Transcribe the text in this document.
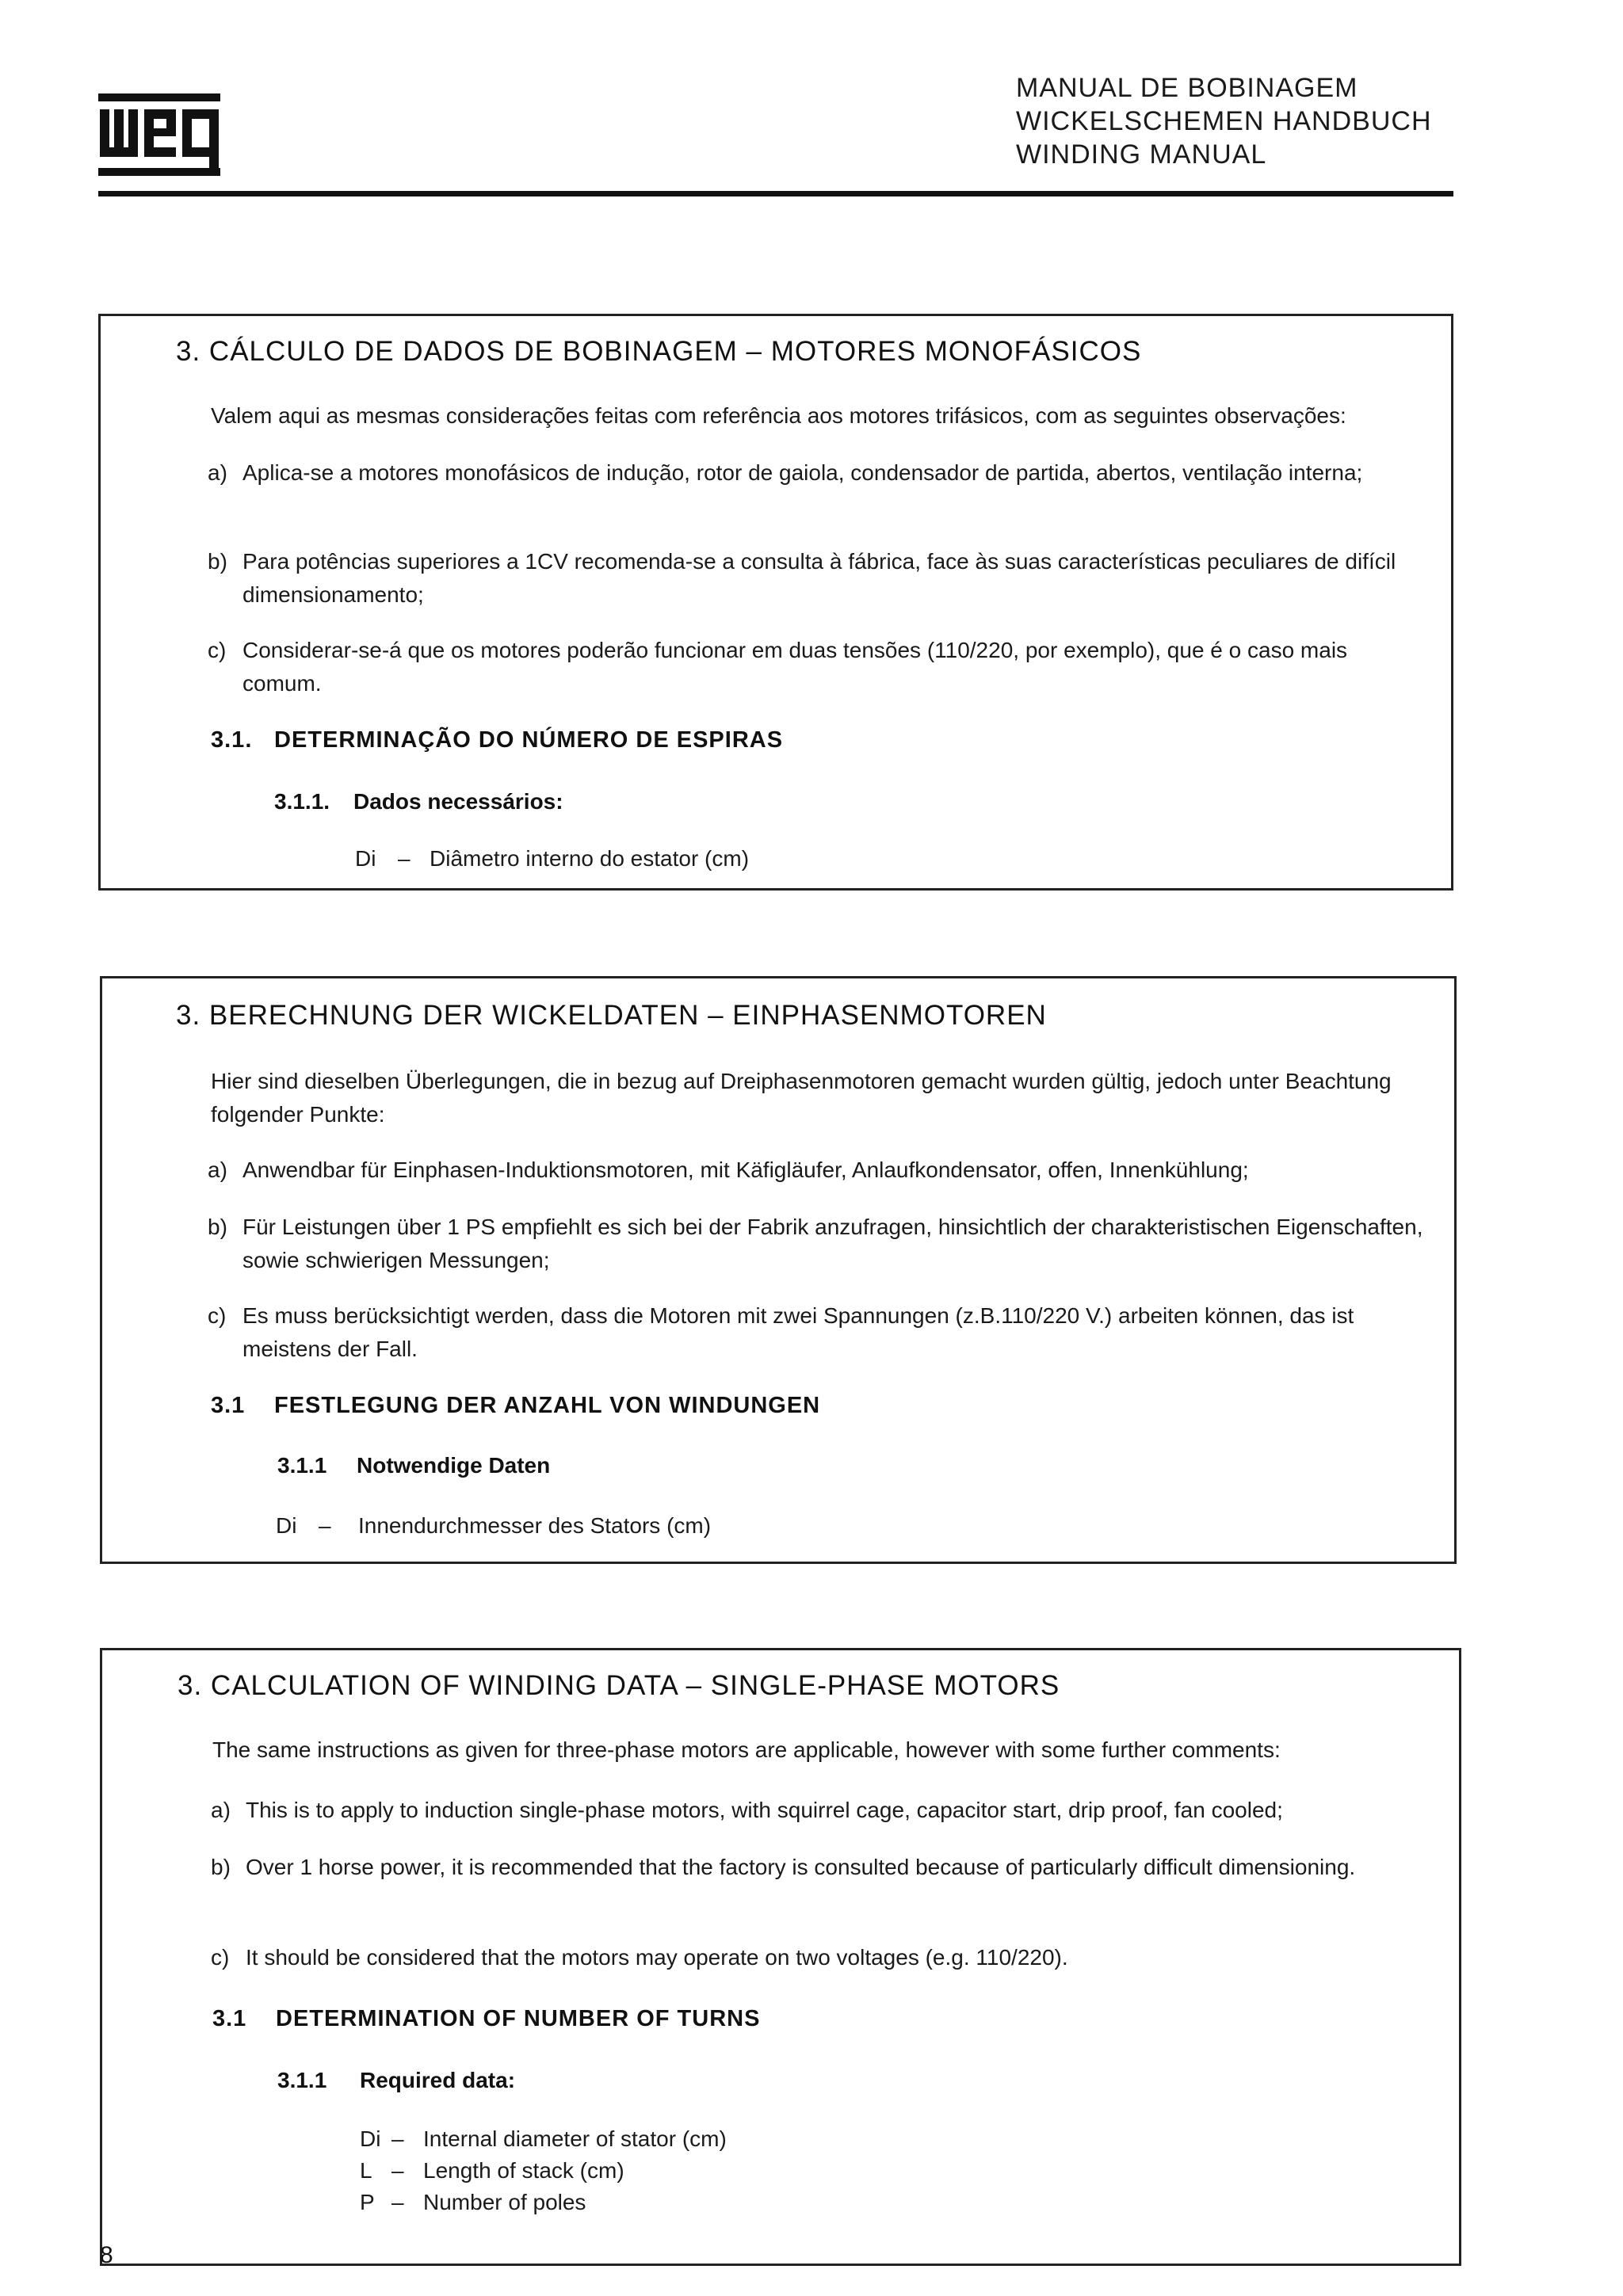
MANUAL DE BOBINAGEM
WICKELSCHEMEN HANDBUCH
WINDING MANUAL
3. CÁLCULO DE DADOS DE BOBINAGEM – MOTORES MONOFÁSICOS
Valem aqui as mesmas considerações feitas com referência aos motores trifásicos, com as seguintes observações:
a) Aplica-se a motores monofásicos de indução, rotor de gaiola, condensador de partida, abertos, ventilação interna;
b) Para potências superiores a 1CV recomenda-se a consulta à fábrica, face às suas características peculiares de difícil dimensionamento;
c) Considerar-se-á que os motores poderão funcionar em duas tensões (110/220, por exemplo), que é o caso mais comum.
3.1. DETERMINAÇÃO DO NÚMERO DE ESPIRAS
3.1.1. Dados necessários:
Di – Diâmetro interno do estator (cm)
3. BERECHNUNG DER WICKELDATEN – EINPHASENMOTOREN
Hier sind dieselben Überlegungen, die in bezug auf Dreiphasenmotoren gemacht wurden gültig, jedoch unter Beachtung folgender Punkte:
a) Anwendbar für Einphasen-Induktionsmotoren, mit Käfigläufer, Anlaufkondensator, offen, Innenkühlung;
b) Für Leistungen über 1 PS empfiehlt es sich bei der Fabrik anzufragen, hinsichtlich der charakteristischen Eigenschaften, sowie schwierigen Messungen;
c) Es muss berücksichtigt werden, dass die Motoren mit zwei Spannungen (z.B.110/220 V.) arbeiten können, das ist meistens der Fall.
3.1 FESTLEGUNG DER ANZAHL VON WINDUNGEN
3.1.1 Notwendige Daten
Di – Innendurchmesser des Stators (cm)
3. CALCULATION OF WINDING DATA – SINGLE-PHASE MOTORS
The same instructions as given for three-phase motors are applicable, however with some further comments:
a) This is to apply to induction single-phase motors, with squirrel cage, capacitor start, drip proof, fan cooled;
b) Over 1 horse power, it is recommended that the factory is consulted because of particularly difficult dimensioning.
c) It should be considered that the motors may operate on two voltages (e.g. 110/220).
3.1 DETERMINATION OF NUMBER OF TURNS
3.1.1 Required data:
Di – Internal diameter of stator (cm)
L – Length of stack (cm)
P – Number of poles
8
